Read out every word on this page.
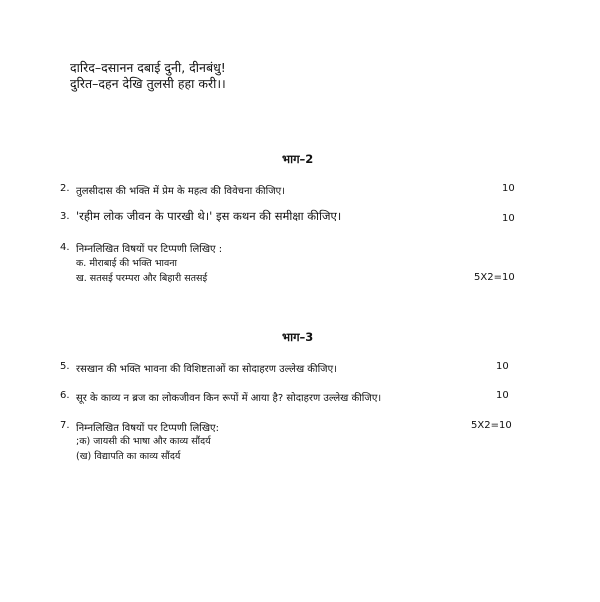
दारिद–दसानन दबाई दुनी, दीनबंधु!
दुरित–दहन देखि तुलसी हहा करी।।
भाग–2
2. तुलसीदास की भक्ति में प्रेम के महत्व की विवेचना कीजिए।	10
3. 'रहीम लोक जीवन के पारखी थे।' इस कथन की समीक्षा कीजिए।	10
4. निम्नलिखित विषयों पर टिप्पणी लिखिए :
क. मीराबाई की भक्ति भावना
ख. सतसई परम्परा और बिहारी सतसई	5X2=10
भाग–3
5. रसखान की भक्ति भावना की विशिष्टताओं का सोदाहरण उल्लेख कीजिए।	10
6. सूर के काव्य न ब्रज का लोकजीवन किन रूपों में आया है? सोदाहरण उल्लेख कीजिए।	10
7. निम्नलिखित विषयों पर टिप्पणी लिखिए:	5X2=10
;क) जायसी की भाषा और काव्य सौंदर्य
(ख) विद्यापति का काव्य सौंदर्य
